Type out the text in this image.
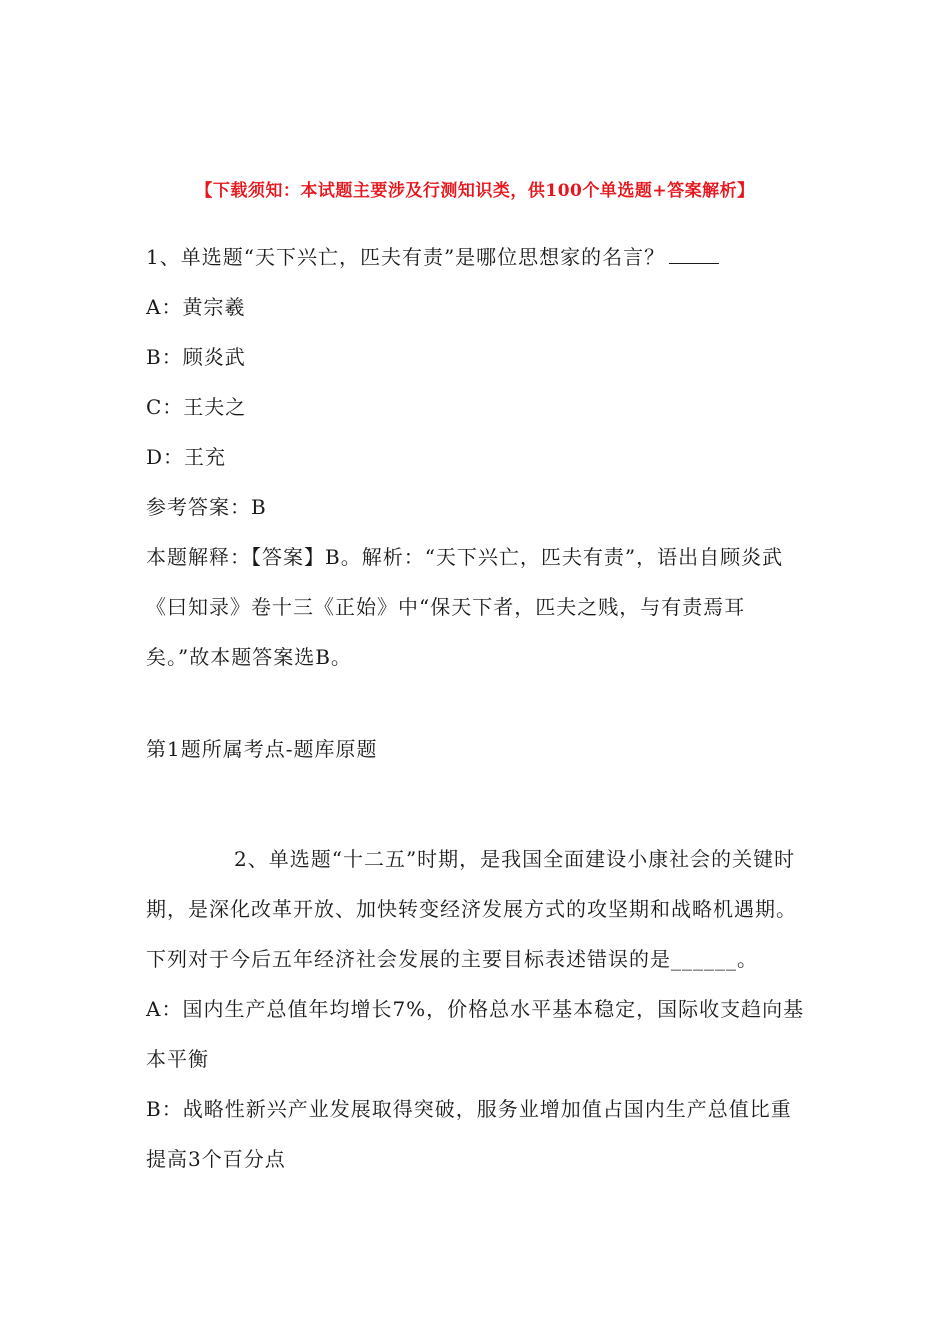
【下载须知：本试题主要涉及行测知识类，供100个单选题+答案解析】

1、单选题“天下兴亡，匹夫有责”是哪位思想家的名言？

A：黄宗羲

B：顾炎武

C：王夫之

D：王充

参考答案：B

本题解释：【答案】B。解析：“天下兴亡，匹夫有责”，语出自顾炎武《曰知录》卷十三《正始》中“保天下者，匹夫之贱，与有责焉耳矣。”故本题答案选B。

第1题所属考点-题库原题

2、单选题“十二五”时期，是我国全面建设小康社会的关键时期，是深化改革开放、加快转变经济发展方式的攻坚期和战略机遇期。下列对于今后五年经济社会发展的主要目标表述错误的是______。

A：国内生产总值年均增长7%，价格总水平基本稳定，国际收支趋向基本平衡

B：战略性新兴产业发展取得突破，服务业增加值占国内生产总值比重提高3个百分点
